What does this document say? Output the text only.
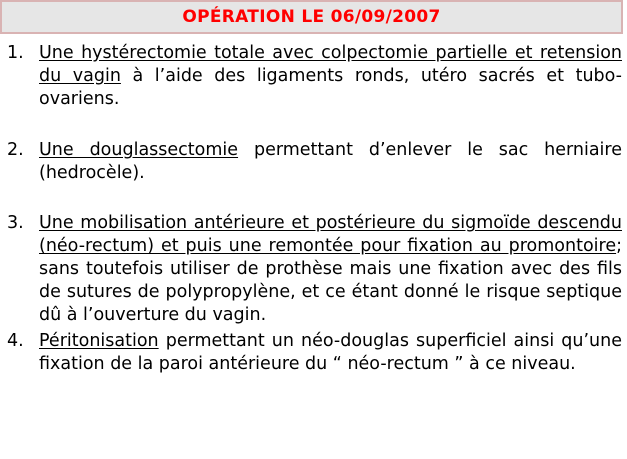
OPÉRATION LE 06/09/2007
1. Une hystérectomie totale avec colpectomie partielle et retension du vagin à l’aide des ligaments ronds, utéro sacrés et tubo-ovariens.
2. Une douglassectomie permettant d’enlever le sac herniaire (hedrocèle).
3. Une mobilisation antérieure et postérieure du sigmoïde descendu (néo-rectum) et puis une remontée pour fixation au promontoire; sans toutefois utiliser de prothèse mais une fixation avec des fils de sutures de polypropylène, et ce étant donné le risque septique dû à l’ouverture du vagin.
4. Péritonisation permettant un néo-douglas superficiel ainsi qu’une fixation de la paroi antérieure du “ néo-rectum ” à ce niveau.
